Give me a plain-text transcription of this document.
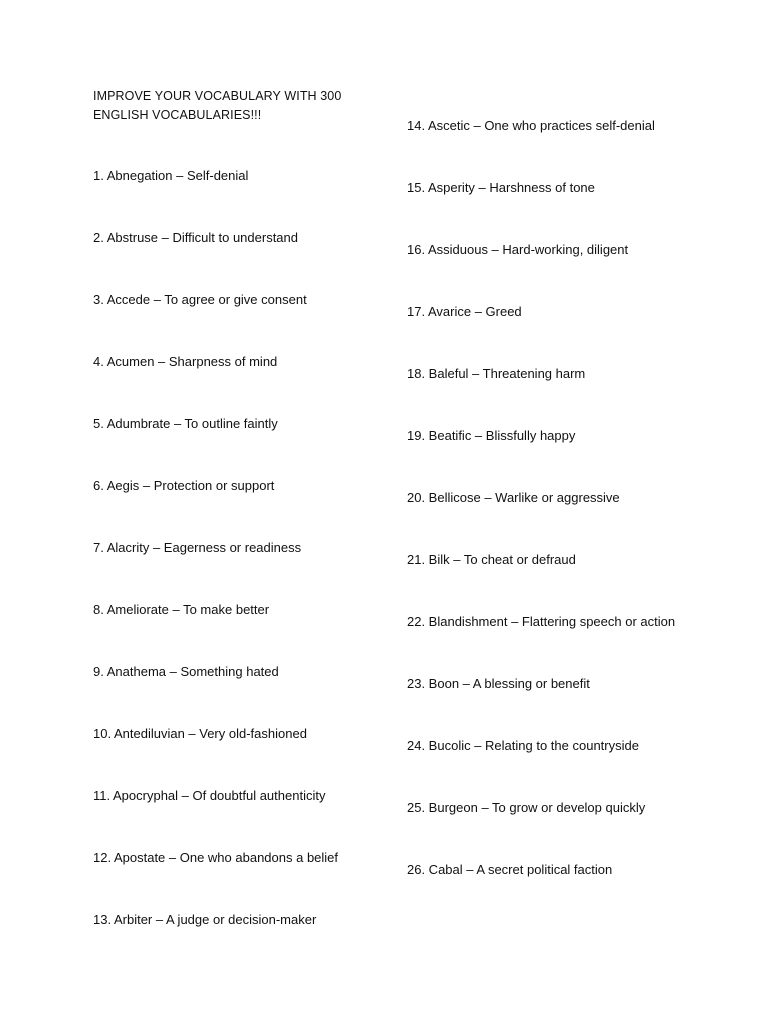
IMPROVE YOUR VOCABULARY WITH 300
ENGLISH VOCABULARIES!!!
1. Abnegation – Self-denial
2. Abstruse – Difficult to understand
3. Accede – To agree or give consent
4. Acumen – Sharpness of mind
5. Adumbrate – To outline faintly
6. Aegis – Protection or support
7. Alacrity – Eagerness or readiness
8. Ameliorate – To make better
9. Anathema – Something hated
10. Antediluvian – Very old-fashioned
11. Apocryphal – Of doubtful authenticity
12. Apostate – One who abandons a belief
13. Arbiter – A judge or decision-maker
14. Ascetic – One who practices self-denial
15. Asperity – Harshness of tone
16. Assiduous – Hard-working, diligent
17. Avarice – Greed
18. Baleful – Threatening harm
19. Beatific – Blissfully happy
20. Bellicose – Warlike or aggressive
21. Bilk – To cheat or defraud
22. Blandishment – Flattering speech or action
23. Boon – A blessing or benefit
24. Bucolic – Relating to the countryside
25. Burgeon – To grow or develop quickly
26. Cabal – A secret political faction
